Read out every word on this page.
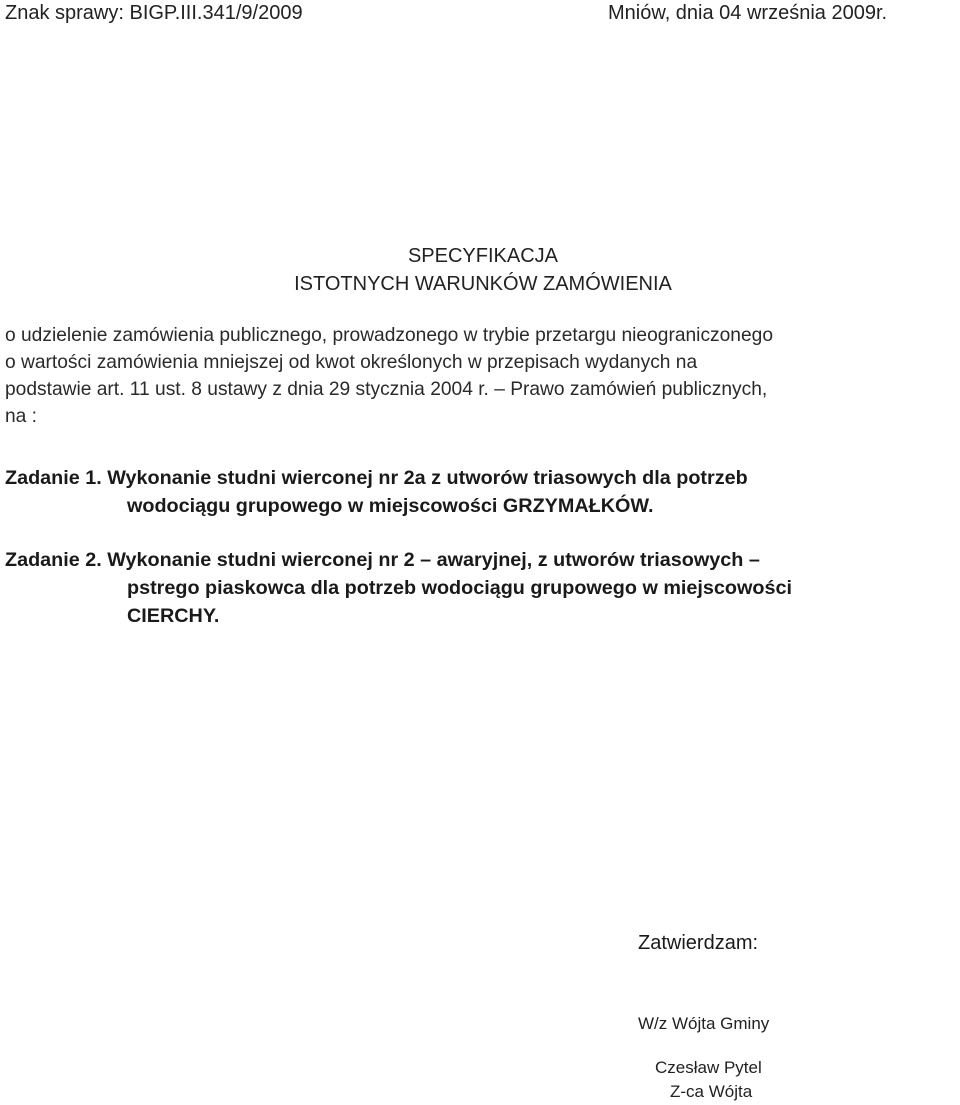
Znak sprawy: BIGP.III.341/9/2009	Mniów, dnia 04 września 2009r.
SPECYFIKACJA
ISTOTNYCH WARUNKÓW ZAMÓWIENIA
o udzielenie zamówienia publicznego, prowadzonego w trybie przetargu nieograniczonego
o wartości zamówienia mniejszej od kwot określonych w przepisach wydanych na
podstawie art. 11 ust. 8 ustawy z dnia 29 stycznia 2004 r. – Prawo zamówień publicznych,
na :
Zadanie 1. Wykonanie studni wierconej nr 2a z utworów triasowych dla potrzeb
wodociągu grupowego w miejscowości GRZYMAŁKÓW.
Zadanie 2. Wykonanie studni wierconej nr 2 – awaryjnej, z utworów triasowych –
pstrego piaskowca dla potrzeb wodociągu grupowego w miejscowości
CIERCHY.
Zatwierdzam:
W/z Wójta Gminy
Czesław Pytel
Z-ca Wójta
